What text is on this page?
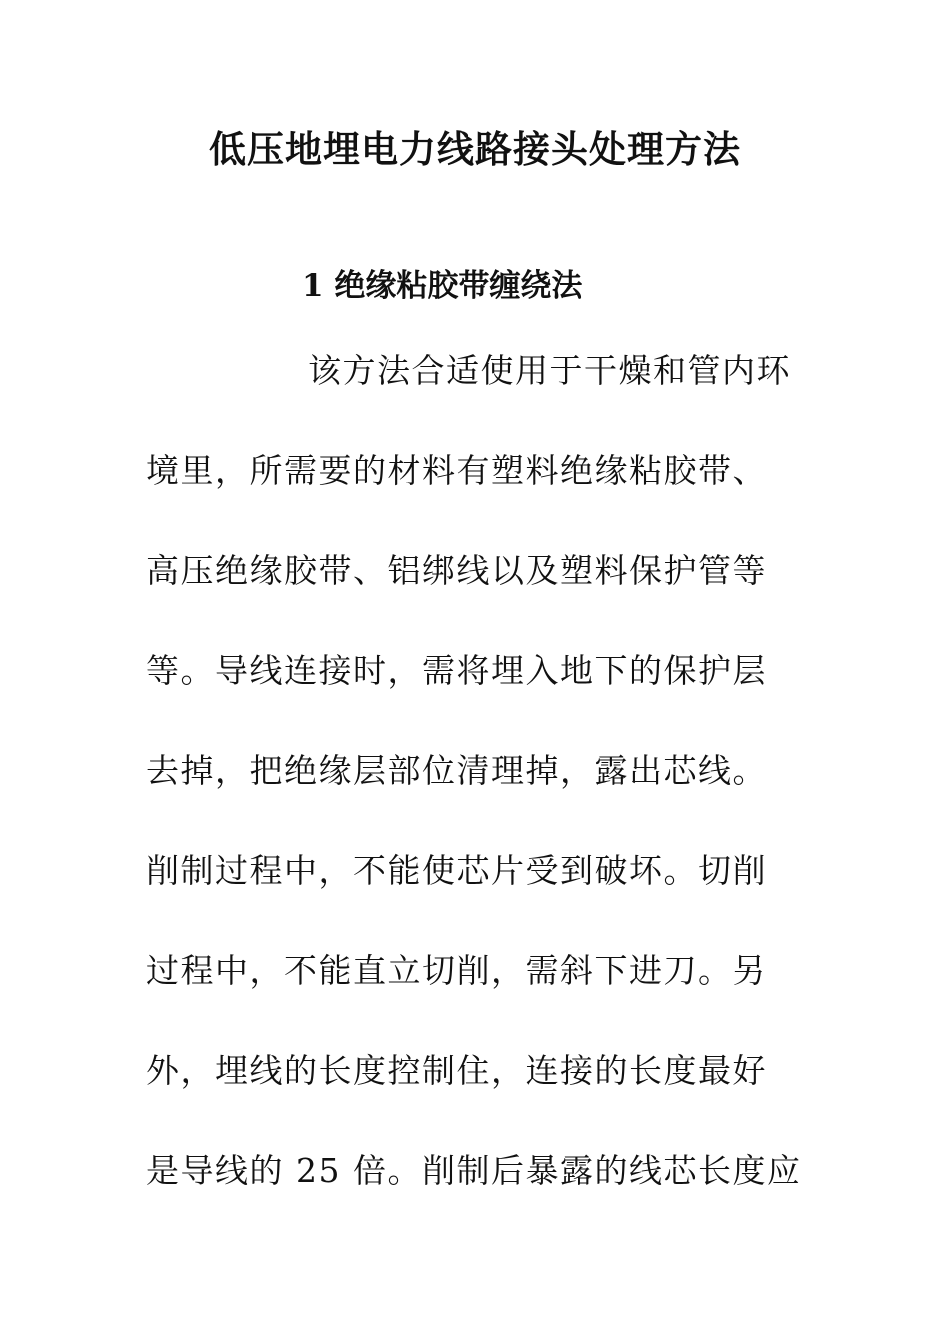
低压地埋电力线路接头处理方法
1 绝缘粘胶带缠绕法

该方法合适使用于干燥和管内环

境里，所需要的材料有塑料绝缘粘胶带、

高压绝缘胶带、铝绑线以及塑料保护管等

等。导线连接时，需将埋入地下的保护层

去掉，把绝缘层部位清理掉，露出芯线。

削制过程中，不能使芯片受到破坏。切削

过程中，不能直立切削，需斜下进刀。另

外，埋线的长度控制住，连接的长度最好

是导线的 25 倍。削制后暴露的线芯长度应
